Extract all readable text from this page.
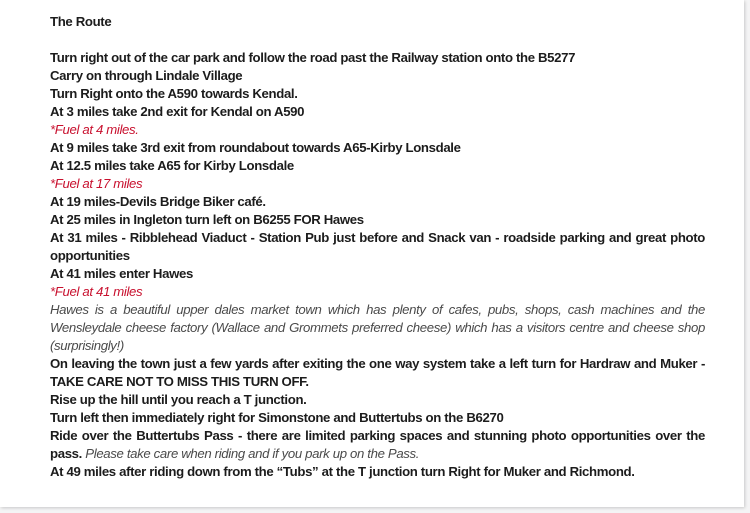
The Route

Turn right out of the car park and follow the road past the Railway station onto the B5277

Carry on through Lindale Village

Turn Right onto the A590 towards Kendal.

At 3 miles take 2nd exit for Kendal on A590

*Fuel at 4 miles.

At 9 miles take 3rd exit from roundabout towards A65-Kirby Lonsdale

At 12.5 miles take A65 for Kirby Lonsdale

*Fuel at 17 miles

At 19 miles-Devils Bridge Biker café.

At 25 miles in Ingleton turn left on B6255 FOR Hawes

At 31 miles - Ribblehead Viaduct - Station Pub just before and Snack van - roadside parking and great photo opportunities

At 41 miles enter Hawes

*Fuel at 41 miles

Hawes is a beautiful upper dales market town which has plenty of cafes, pubs, shops, cash machines and the Wensleydale cheese factory (Wallace and Grommets preferred cheese) which has a visitors centre and cheese shop (surprisingly!)

On leaving the town just a few yards after exiting the one way system take a left turn for Hardraw and Muker - TAKE CARE NOT TO MISS THIS TURN OFF.

Rise up the hill until you reach a T junction.

Turn left then immediately right for Simonstone and Buttertubs on the B6270

Ride over the Buttertubs Pass - there are limited parking spaces and stunning photo opportunities over the pass. Please take care when riding and if you park up on the Pass.

At 49 miles after riding down from the “Tubs” at the T junction turn Right for Muker and Richmond.
